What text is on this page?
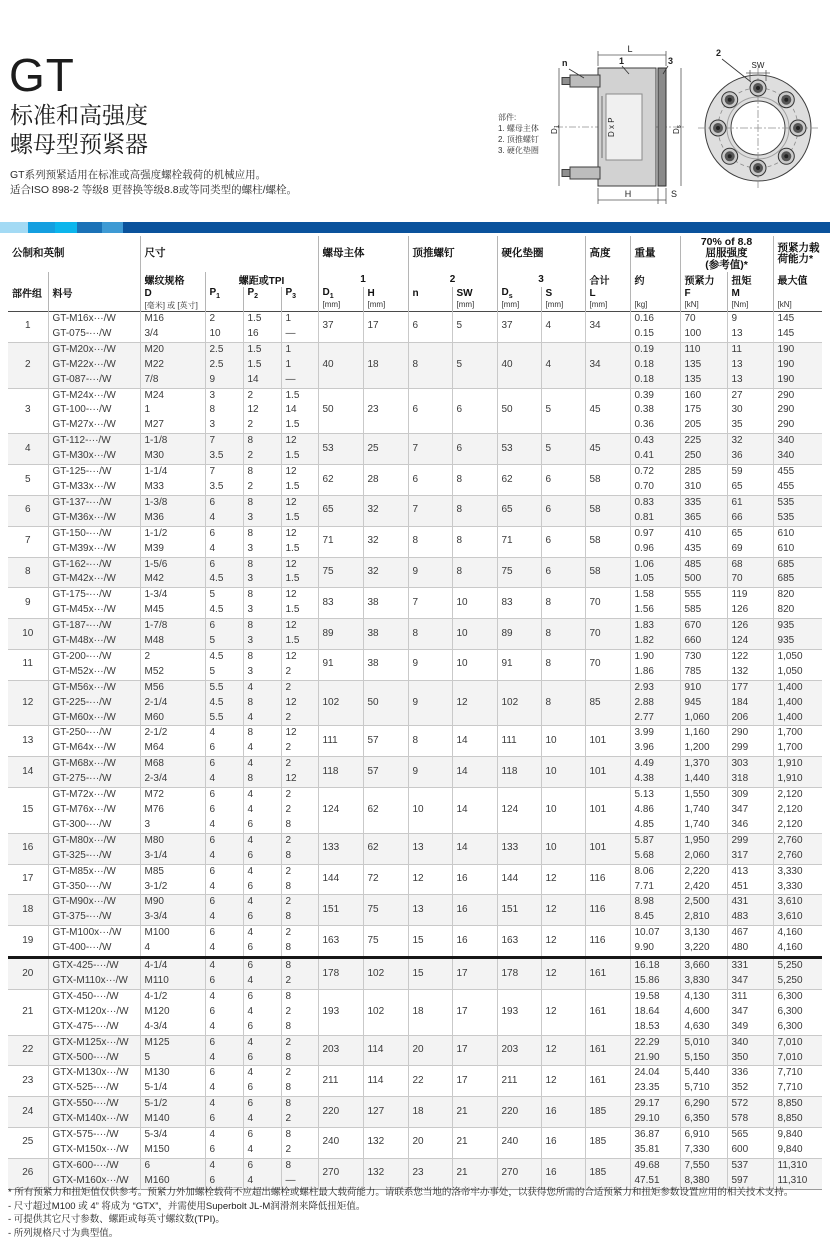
GT
标准和高强度
螺母型预紧器
GT系列预紧适用在标准或高强度螺栓载荷的机械应用。
适合ISO 898-2 等级8 更替换等级8.8或等同类型的螺柱/螺栓。
部件:
1. 螺母主体
2. 顶推螺钉
3. 硬化垫圈
L
n	1	3
D1	D x P	Ds
H	S
2
SW
公制和英制	尺寸	螺母主体	顶推螺钉	硬化垫圈	高度	重量	
70% of 8.8
屈服强度
(参考值)*

预紧力载
荷能力*

部件组	料号	螺纹规格	螺距或TPI			1		2		3		合计	约	预紧力	扭矩	最大值
		D	$P_1$	$P_2$	$P_3$	$D_1$	H	n	SW	$D_s$	S	L		F	M	
		[毫米] 或 [英寸]				[mm]	[mm]		[mm]	[mm]	[mm]	[mm]	[kg]	[kN]	[Nm]	[kN]
1	GT-M16x···/W	M16	2	1.5	1	37	17	6	5	37	4	34	0.16	70	9	145
	GT-075-···/W	3/4	10	16	—								0.15	100	13	145
2	GT-M20x···/W	M20	2.5	1.5	1	40	18	8	5	40	4	34	0.19	110	11	190
	GT-M22x···/W	M22	2.5	1.5	1								0.18	135	13	190
	GT-087-···/W	7/8	9	14	—								0.18	135	13	190
3	GT-M24x···/W	M24	3	2	1.5	50	23	6	6	50	5	45	0.39	160	27	290
	GT-100-···/W	1	8	12	14								0.38	175	30	290
	GT-M27x···/W	M27	3	2	1.5								0.36	205	35	290
4	GT-112-···/W	1-1/8	7	8	12	53	25	7	6	53	5	45	0.43	225	32	340
	GT-M30x···/W	M30	3.5	2	1.5								0.41	250	36	340
5	GT-125-···/W	1-1/4	7	8	12	62	28	6	8	62	6	58	0.72	285	59	455
	GT-M33x···/W	M33	3.5	2	1.5								0.70	310	65	455
6	GT-137-···/W	1-3/8	6	8	12	65	32	7	8	65	6	58	0.83	335	61	535
	GT-M36x···/W	M36	4	3	1.5								0.81	365	66	535
7	GT-150-···/W	1-1/2	6	8	12	71	32	8	8	71	6	58	0.97	410	65	610
	GT-M39x···/W	M39	4	3	1.5								0.96	435	69	610
8	GT-162-···/W	1-5/6	6	8	12	75	32	9	8	75	6	58	1.06	485	68	685
	GT-M42x···/W	M42	4.5	3	1.5								1.05	500	70	685
9	GT-175-···/W	1-3/4	5	8	12	83	38	7	10	83	8	70	1.58	555	119	820
	GT-M45x···/W	M45	4.5	3	1.5								1.56	585	126	820
10	GT-187-···/W	1-7/8	6	8	12	89	38	8	10	89	8	70	1.83	670	126	935
	GT-M48x···/W	M48	5	3	1.5								1.82	660	124	935
11	GT-200-···/W	2	4.5	8	12	91	38	9	10	91	8	70	1.90	730	122	1,050
	GT-M52x···/W	M52	5	3	2								1.86	785	132	1,050
12	GT-M56x···/W	M56	5.5	4	2	102	50	9	12	102	8	85	2.93	910	177	1,400
	GT-225-···/W	2-1/4	4.5	8	12								2.88	945	184	1,400
	GT-M60x···/W	M60	5.5	4	2								2.77	1,060	206	1,400
13	GT-250-···/W	2-1/2	4	8	12	111	57	8	14	111	10	101	3.99	1,160	290	1,700
	GT-M64x···/W	M64	6	4	2								3.96	1,200	299	1,700
14	GT-M68x···/W	M68	6	4	2	118	57	9	14	118	10	101	4.49	1,370	303	1,910
	GT-275-···/W	2-3/4	4	8	12								4.38	1,440	318	1,910
15	GT-M72x···/W	M72	6	4	2	124	62	10	14	124	10	101	5.13	1,550	309	2,120
	GT-M76x···/W	M76	6	4	2								4.86	1,740	347	2,120
	GT-300-···/W	3	4	6	8								4.85	1,740	346	2,120
16	GT-M80x···/W	M80	6	4	2	133	62	13	14	133	10	101	5.87	1,950	299	2,760
	GT-325-···/W	3-1/4	4	6	8								5.68	2,060	317	2,760
17	GT-M85x···/W	M85	6	4	2	144	72	12	16	144	12	116	8.06	2,220	413	3,330
	GT-350-···/W	3-1/2	4	6	8								7.71	2,420	451	3,330
18	GT-M90x···/W	M90	6	4	2	151	75	13	16	151	12	116	8.98	2,500	431	3,610
	GT-375-···/W	3-3/4	4	6	8								8.45	2,810	483	3,610
19	GT-M100x···/W	M100	6	4	2	163	75	15	16	163	12	116	10.07	3,130	467	4,160
	GT-400-···/W	4	4	6	8								9.90	3,220	480	4,160
20	GTX-425-···/W	4-1/4	4	6	8	178	102	15	17	178	12	161	16.18	3,660	331	5,250
	GTX-M110x···/W	M110	6	4	2								15.86	3,830	347	5,250
21	GTX-450-···/W	4-1/2	4	6	8	193	102	18	17	193	12	161	19.58	4,130	311	6,300
	GTX-M120x···/W	M120	6	4	2								18.64	4,600	347	6,300
	GTX-475-···/W	4-3/4	4	6	8								18.53	4,630	349	6,300
22	GTX-M125x···/W	M125	6	4	2	203	114	20	17	203	12	161	22.29	5,010	340	7,010
	GTX-500-···/W	5	4	6	8								21.90	5,150	350	7,010
23	GTX-M130x···/W	M130	6	4	2	211	114	22	17	211	12	161	24.04	5,440	336	7,710
	GTX-525-···/W	5-1/4	4	6	8								23.35	5,710	352	7,710
24	GTX-550-···/W	5-1/2	4	6	8	220	127	18	21	220	16	185	29.17	6,290	572	8,850
	GTX-M140x···/W	M140	6	4	2								29.10	6,350	578	8,850
25	GTX-575-···/W	5-3/4	4	6	8	240	132	20	21	240	16	185	36.87	6,910	565	9,840
	GTX-M150x···/W	M150	6	4	2								35.81	7,330	600	9,840
26	GTX-600-···/W	6	4	6	8	270	132	23	21	270	16	185	49.68	7,550	537	11,310
	GTX-M160x···/W	M160	6	4	—								47.51	8,380	597	11,310
* 所有预紧力和扭矩值仅供参考。预紧力外加螺栓载荷不应超出螺栓或螺柱最大载荷能力。请联系您当地的洛帝牢办事处，以获得您所需的合适预紧力和扭矩参数设置应用的相关技术支持。
- 尺寸超过M100 或 4” 将成为 “GTX”，并需使用Superbolt JL-M润滑剂来降低扭矩值。
- 可提供其它尺寸参数、螺距或每英寸螺纹数(TPI)。
- 所列规格尺寸为典型值。
